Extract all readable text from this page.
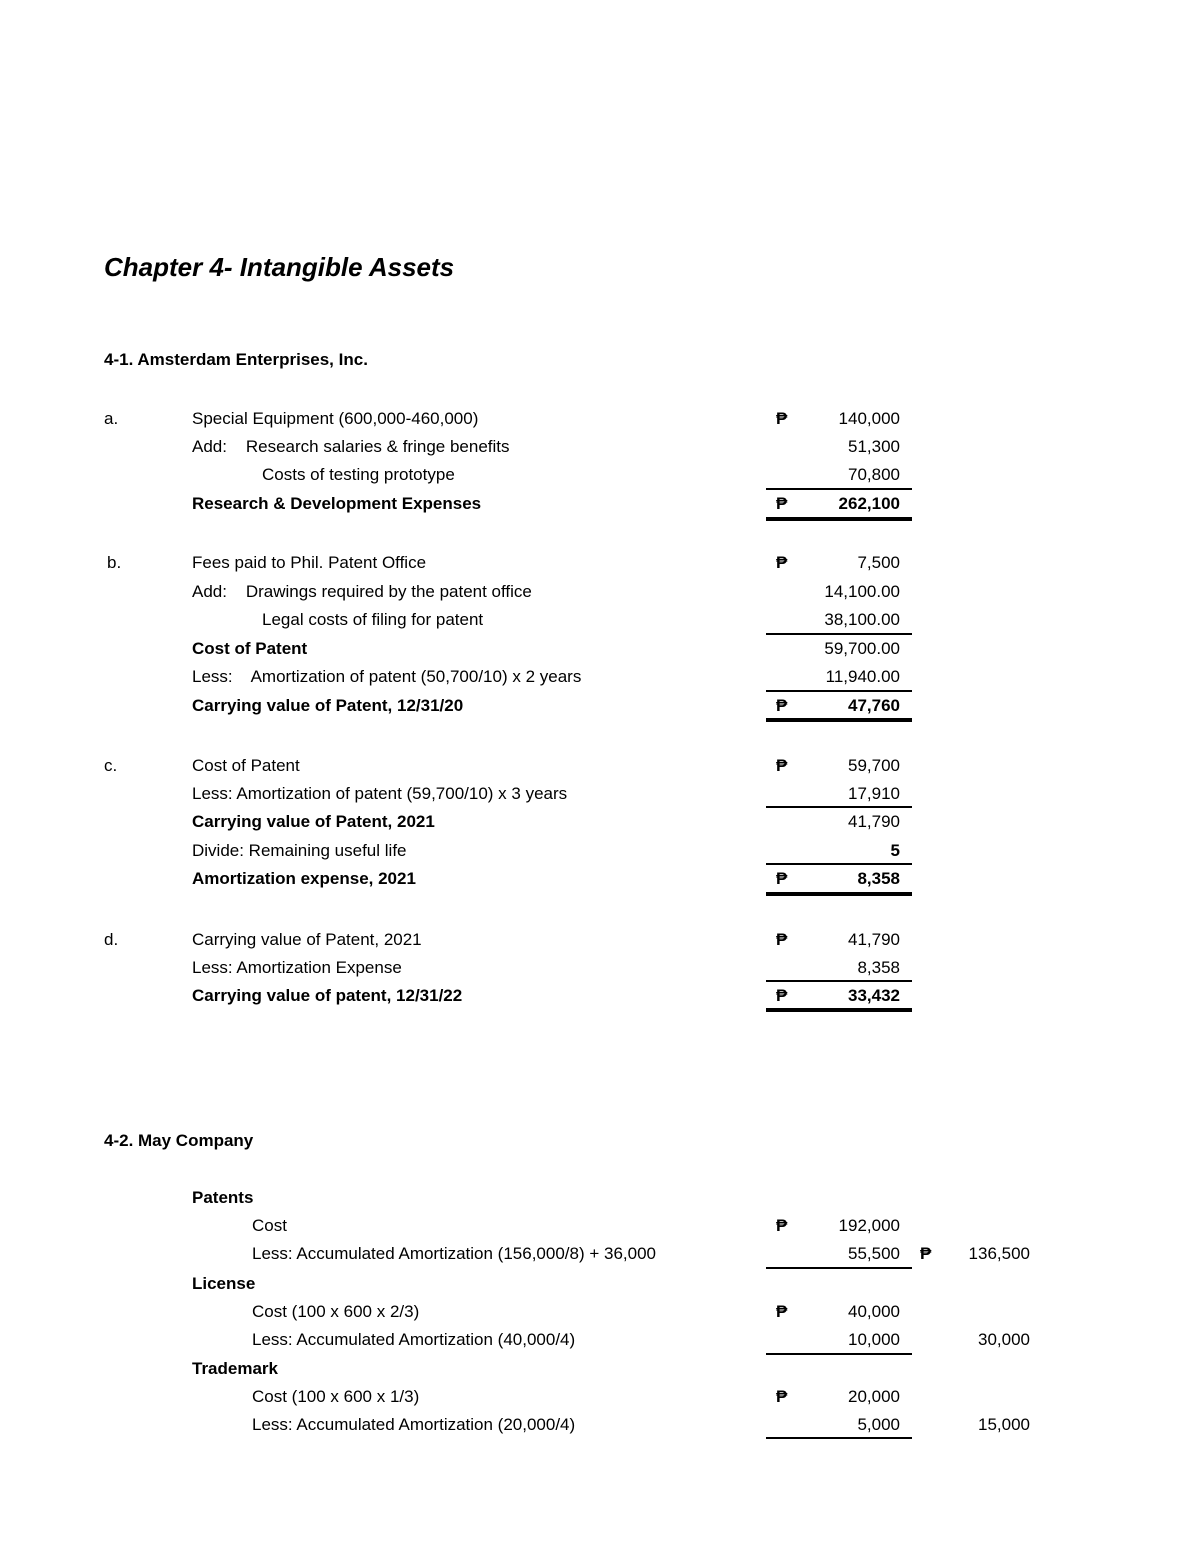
Chapter 4- Intangible Assets
4-1. Amsterdam Enterprises, Inc.
a.	Special Equipment (600,000-460,000)	₱	140,000
Add:    Research salaries & fringe benefits	51,300
Costs of testing prototype	70,800
Research & Development Expenses	₱	262,100
b.	Fees paid to Phil. Patent Office	₱	7,500
Add:    Drawings required by the patent office	14,100.00
Legal costs of filing for patent	38,100.00
Cost of Patent	59,700.00
Less:    Amortization of patent (50,700/10) x 2 years	11,940.00
Carrying value of Patent, 12/31/20	₱	47,760
c.	Cost of Patent	₱	59,700
Less: Amortization of patent (59,700/10) x 3 years	17,910
Carrying value of Patent, 2021	41,790
Divide: Remaining useful life	5
Amortization expense, 2021	₱	8,358
d.	Carrying value of Patent, 2021	₱	41,790
Less: Amortization Expense	8,358
Carrying value of patent, 12/31/22	₱	33,432
4-2. May Company
Patents
Cost	₱	192,000
Less: Accumulated Amortization (156,000/8) + 36,000	55,500 ₱	136,500
License
Cost (100 x 600 x 2/3)	₱	40,000
Less: Accumulated Amortization (40,000/4)	10,000	30,000
Trademark
Cost (100 x 600 x 1/3)	₱	20,000
Less: Accumulated Amortization (20,000/4)	5,000	15,000
